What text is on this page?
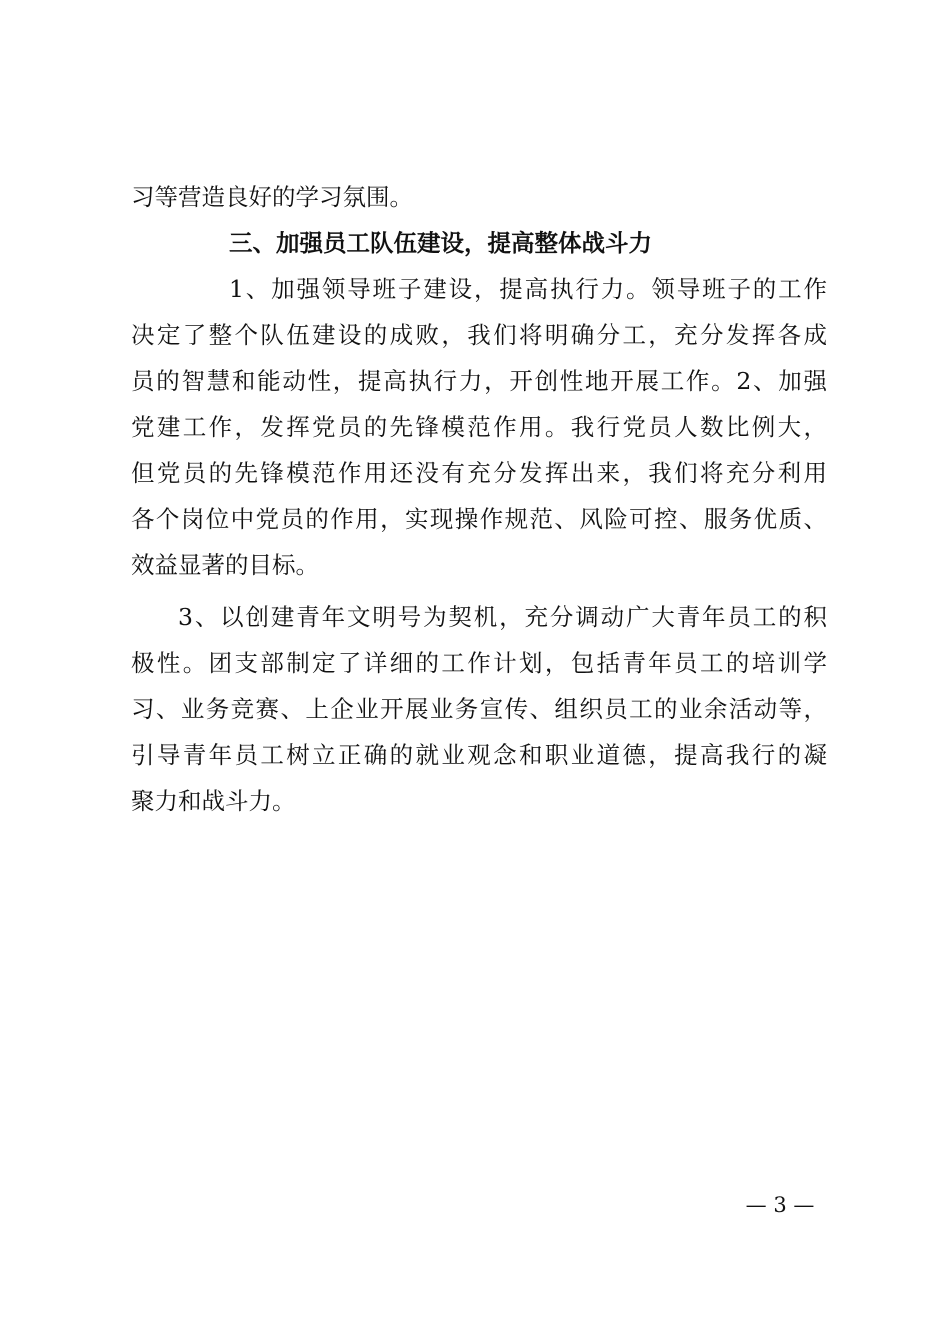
习等营造良好的学习氛围。
三、加强员工队伍建设，提高整体战斗力
1、加强领导班子建设，提高执行力。领导班子的工作
决定了整个队伍建设的成败，我们将明确分工，充分发挥各成
员的智慧和能动性，提高执行力，开创性地开展工作。2、加强
党建工作，发挥党员的先锋模范作用。我行党员人数比例大，
但党员的先锋模范作用还没有充分发挥出来，我们将充分利用
各个岗位中党员的作用，实现操作规范、风险可控、服务优质、
效益显著的目标。
3、以创建青年文明号为契机，充分调动广大青年员工的积
极性。团支部制定了详细的工作计划，包括青年员工的培训学
习、业务竞赛、上企业开展业务宣传、组织员工的业余活动等，
引导青年员工树立正确的就业观念和职业道德，提高我行的凝
聚力和战斗力。
— 3 —
